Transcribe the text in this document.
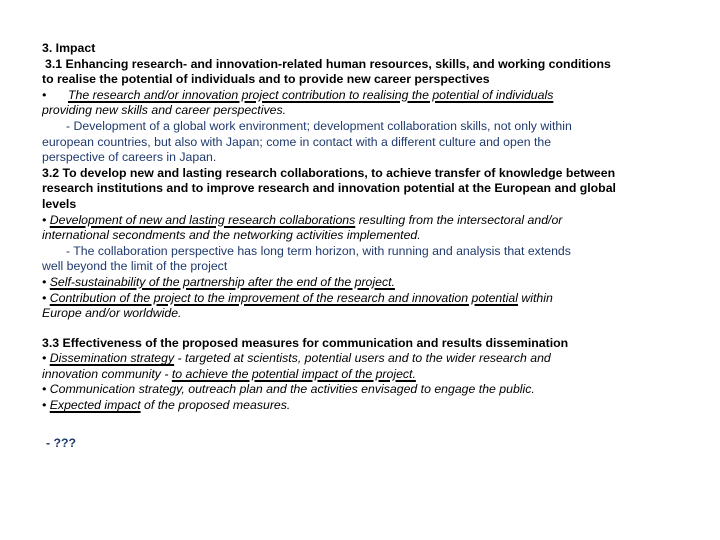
3. Impact
3.1 Enhancing research- and innovation-related human resources, skills, and working conditions
to realise the potential of individuals and to provide new career perspectives
• The research and/or innovation project contribution to realising the potential of individuals
providing new skills and career perspectives.
- Development of a global work environment; development collaboration skills, not only within
european countries, but also with Japan; come in contact with a different culture and open the
perspective of careers in Japan.
3.2 To develop new and lasting research collaborations, to achieve transfer of knowledge between
research institutions and to improve research and innovation potential at the European and global
levels
• Development of new and lasting research collaborations resulting from the intersectoral and/or
international secondments and the networking activities implemented.
- The collaboration perspective has long term horizon, with running and analysis that extends
well beyond the limit of the project
• Self-sustainability of the partnership after the end of the project.
• Contribution of the project to the improvement of the research and innovation potential within
Europe and/or worldwide.
3.3 Effectiveness of the proposed measures for communication and results dissemination
• Dissemination strategy - targeted at scientists, potential users and to the wider research and
innovation community - to achieve the potential impact of the project.
• Communication strategy, outreach plan and the activities envisaged to engage the public.
• Expected impact of the proposed measures.
- ???
